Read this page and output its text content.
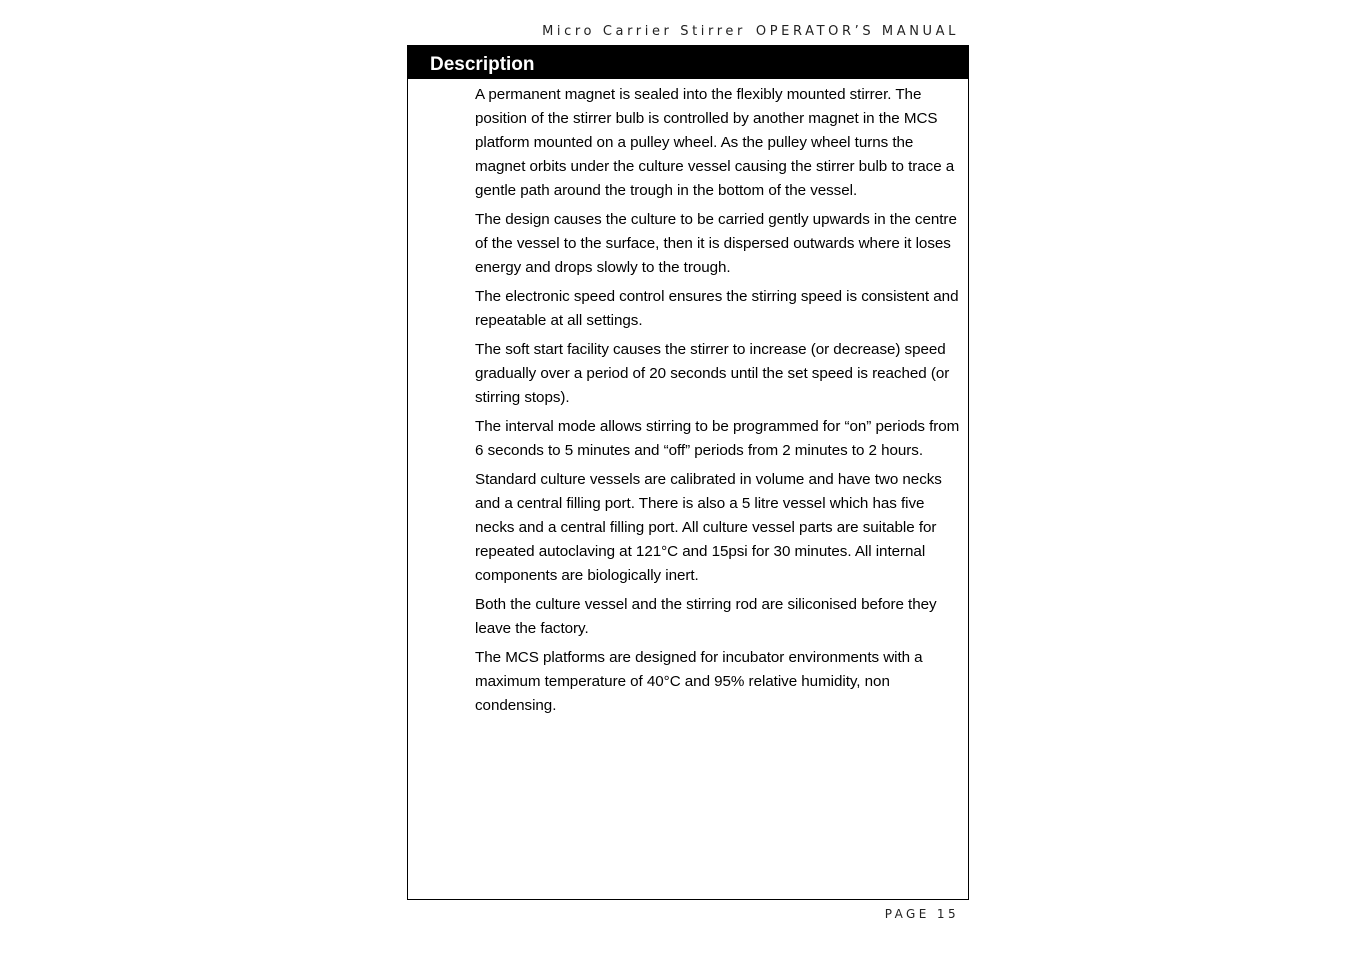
Micro Carrier Stirrer OPERATOR’S MANUAL
Description

A permanent magnet is sealed into the flexibly mounted stirrer. The position of the stirrer bulb is controlled by another magnet in the MCS platform mounted on a pulley wheel. As the pulley wheel turns the magnet orbits under the culture vessel causing the stirrer bulb to trace a gentle path around the trough in the bottom of the vessel.

The design causes the culture to be carried gently upwards in the centre of the vessel to the surface, then it is dispersed outwards where it loses energy and drops slowly to the trough.

The electronic speed control ensures the stirring speed is consistent and repeatable at all settings.

The soft start facility causes the stirrer to increase (or decrease) speed gradually over a period of 20 seconds until the set speed is reached (or stirring stops).

The interval mode allows stirring to be programmed for “on” periods from 6 seconds to 5 minutes and “off” periods from 2 minutes to 2 hours.

Standard culture vessels are calibrated in volume and have two necks and a central filling port. There is also a 5 litre vessel which has five necks and a central filling port. All culture vessel parts are suitable for repeated autoclaving at 121°C and 15psi for 30 minutes. All internal components are biologically inert.

Both the culture vessel and the stirring rod are siliconised before they leave the factory.

The MCS platforms are designed for incubator environments with a maximum temperature of 40°C and 95% relative humidity, non condensing.

PAGE 15
